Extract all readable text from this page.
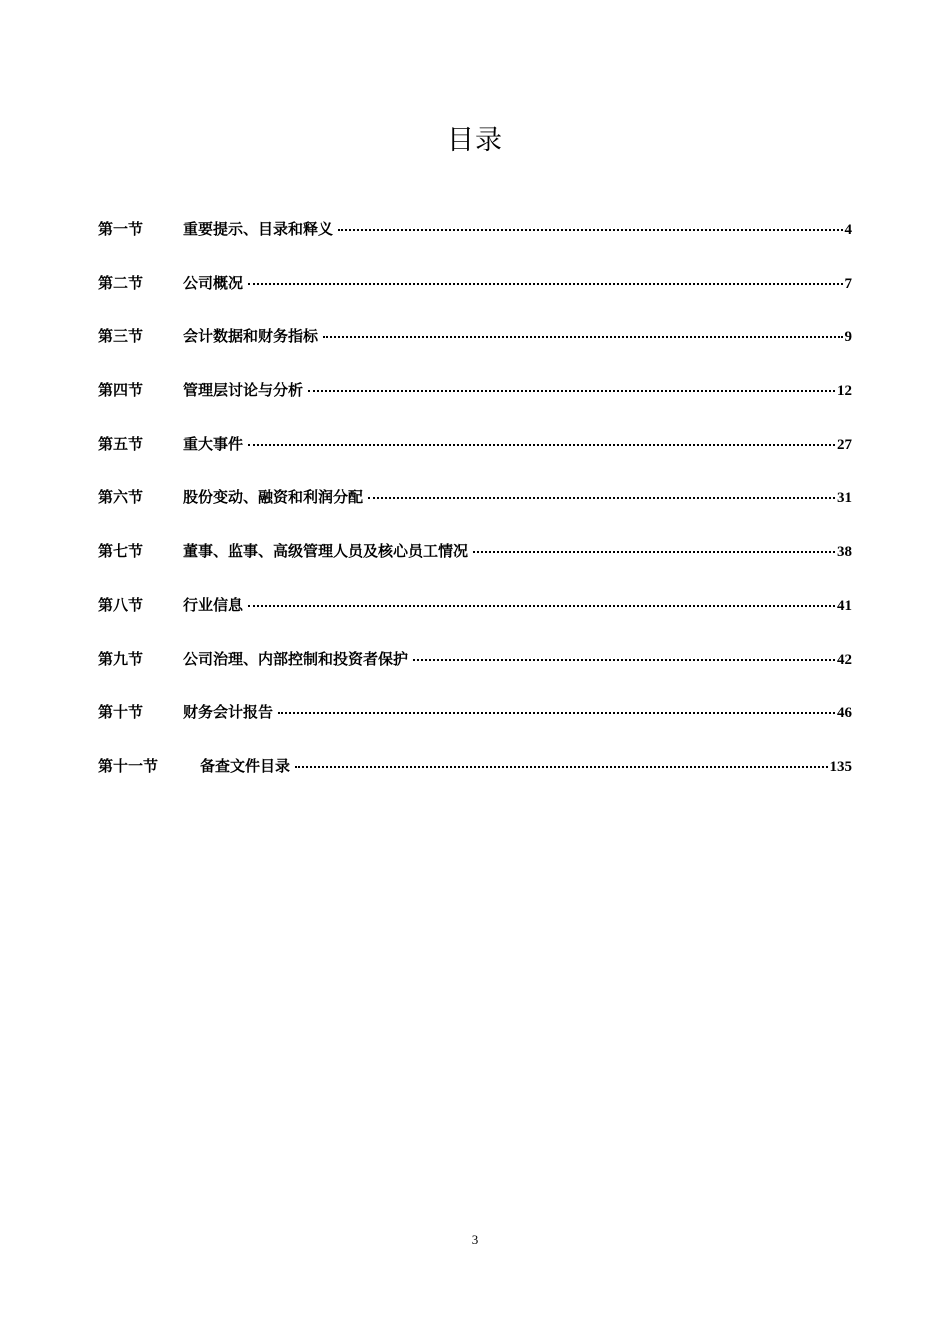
目录
第一节	重要提示、目录和释义	4
第二节	公司概况	7
第三节	会计数据和财务指标	9
第四节	管理层讨论与分析	12
第五节	重大事件	27
第六节	股份变动、融资和利润分配	31
第七节	董事、监事、高级管理人员及核心员工情况	38
第八节	行业信息	41
第九节	公司治理、内部控制和投资者保护	42
第十节	财务会计报告	46
第十一节	备查文件目录	135
3
